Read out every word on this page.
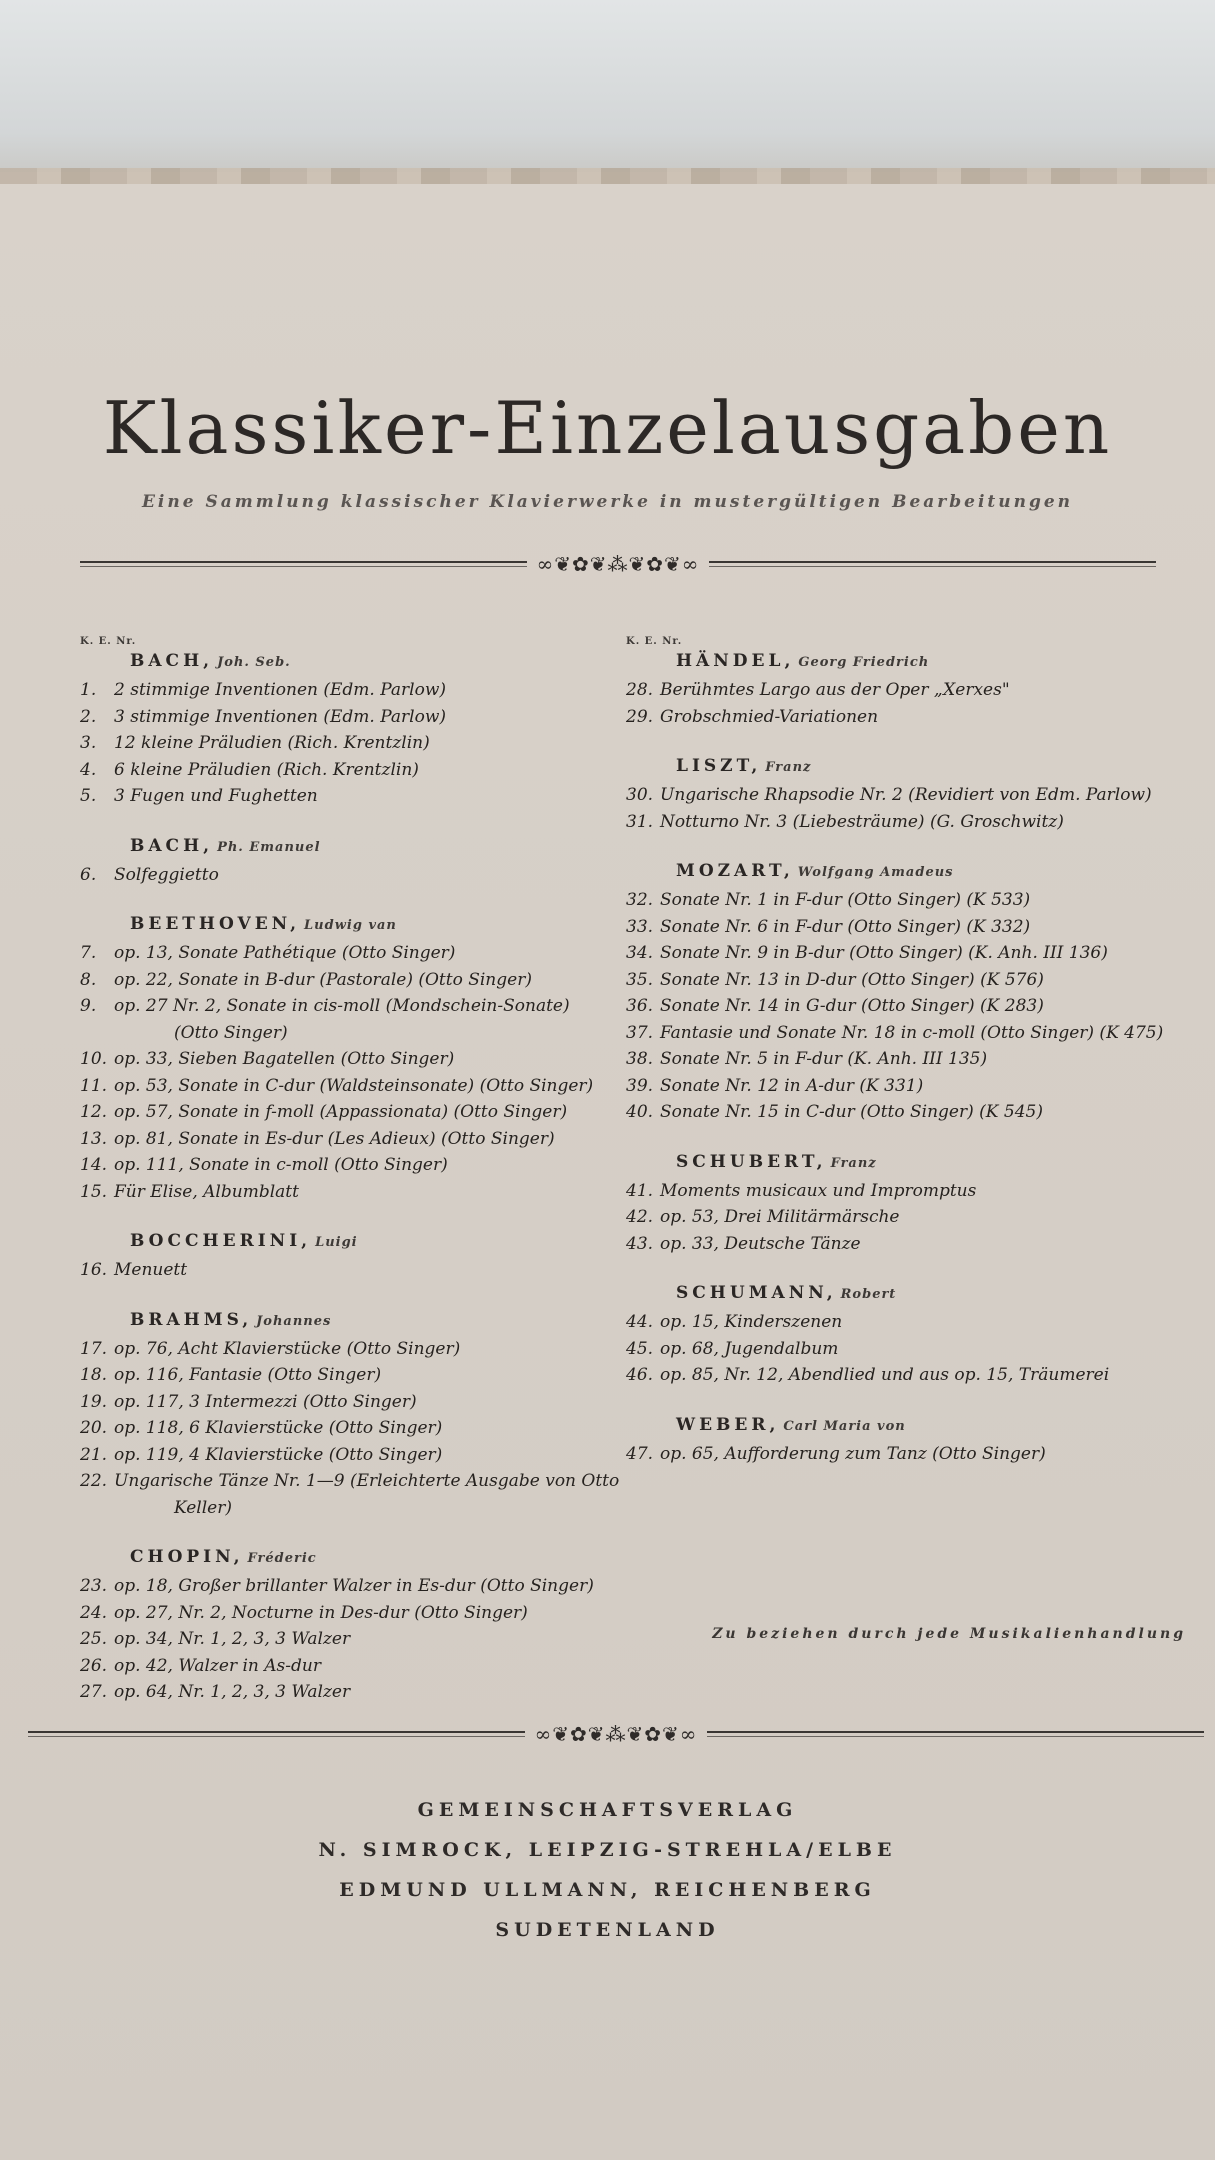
Klassiker-Einzelausgaben
Eine Sammlung klassischer Klavierwerke in mustergültigen Bearbeitungen
∞❦✿❦⁂❦✿❦∞
K. E. Nr.
BACH, Joh. Seb.
1. 2 stimmige Inventionen (Edm. Parlow)
2. 3 stimmige Inventionen (Edm. Parlow)
3. 12 kleine Präludien (Rich. Krentzlin)
4. 6 kleine Präludien (Rich. Krentzlin)
5. 3 Fugen und Fughetten
BACH, Ph. Emanuel
6. Solfeggietto
BEETHOVEN, Ludwig van
7. op. 13, Sonate Pathétique (Otto Singer)
8. op. 22, Sonate in B-dur (Pastorale) (Otto Singer)
9. op. 27 Nr. 2, Sonate in cis-moll (Mondschein-Sonate)
(Otto Singer)
10. op. 33, Sieben Bagatellen (Otto Singer)
11. op. 53, Sonate in C-dur (Waldsteinsonate) (Otto Singer)
12. op. 57, Sonate in f-moll (Appassionata) (Otto Singer)
13. op. 81, Sonate in Es-dur (Les Adieux) (Otto Singer)
14. op. 111, Sonate in c-moll (Otto Singer)
15. Für Elise, Albumblatt
BOCCHERINI, Luigi
16. Menuett
BRAHMS, Johannes
17. op. 76, Acht Klavierstücke (Otto Singer)
18. op. 116, Fantasie (Otto Singer)
19. op. 117, 3 Intermezzi (Otto Singer)
20. op. 118, 6 Klavierstücke (Otto Singer)
21. op. 119, 4 Klavierstücke (Otto Singer)
22. Ungarische Tänze Nr. 1—9 (Erleichterte Ausgabe von Otto
Keller)
CHOPIN, Fréderic
23. op. 18, Großer brillanter Walzer in Es-dur (Otto Singer)
24. op. 27, Nr. 2, Nocturne in Des-dur (Otto Singer)
25. op. 34, Nr. 1, 2, 3, 3 Walzer
26. op. 42, Walzer in As-dur
27. op. 64, Nr. 1, 2, 3, 3 Walzer
K. E. Nr.
HÄNDEL, Georg Friedrich
28. Berühmtes Largo aus der Oper „Xerxes"
29. Grobschmied-Variationen
LISZT, Franz
30. Ungarische Rhapsodie Nr. 2 (Revidiert von Edm. Parlow)
31. Notturno Nr. 3 (Liebesträume) (G. Groschwitz)
MOZART, Wolfgang Amadeus
32. Sonate Nr. 1 in F-dur (Otto Singer) (K 533)
33. Sonate Nr. 6 in F-dur (Otto Singer) (K 332)
34. Sonate Nr. 9 in B-dur (Otto Singer) (K. Anh. III 136)
35. Sonate Nr. 13 in D-dur (Otto Singer) (K 576)
36. Sonate Nr. 14 in G-dur (Otto Singer) (K 283)
37. Fantasie und Sonate Nr. 18 in c-moll (Otto Singer) (K 475)
38. Sonate Nr. 5 in F-dur (K. Anh. III 135)
39. Sonate Nr. 12 in A-dur (K 331)
40. Sonate Nr. 15 in C-dur (Otto Singer) (K 545)
SCHUBERT, Franz
41. Moments musicaux und Impromptus
42. op. 53, Drei Militärmärsche
43. op. 33, Deutsche Tänze
SCHUMANN, Robert
44. op. 15, Kinderszenen
45. op. 68, Jugendalbum
46. op. 85, Nr. 12, Abendlied und aus op. 15, Träumerei
WEBER, Carl Maria von
47. op. 65, Aufforderung zum Tanz (Otto Singer)
Zu beziehen durch jede Musikalienhandlung
∞❦✿❦⁂❦✿❦∞
GEMEINSCHAFTSVERLAG
N. SIMROCK, LEIPZIG-STREHLA/ELBE
EDMUND ULLMANN, REICHENBERG
SUDETENLAND
